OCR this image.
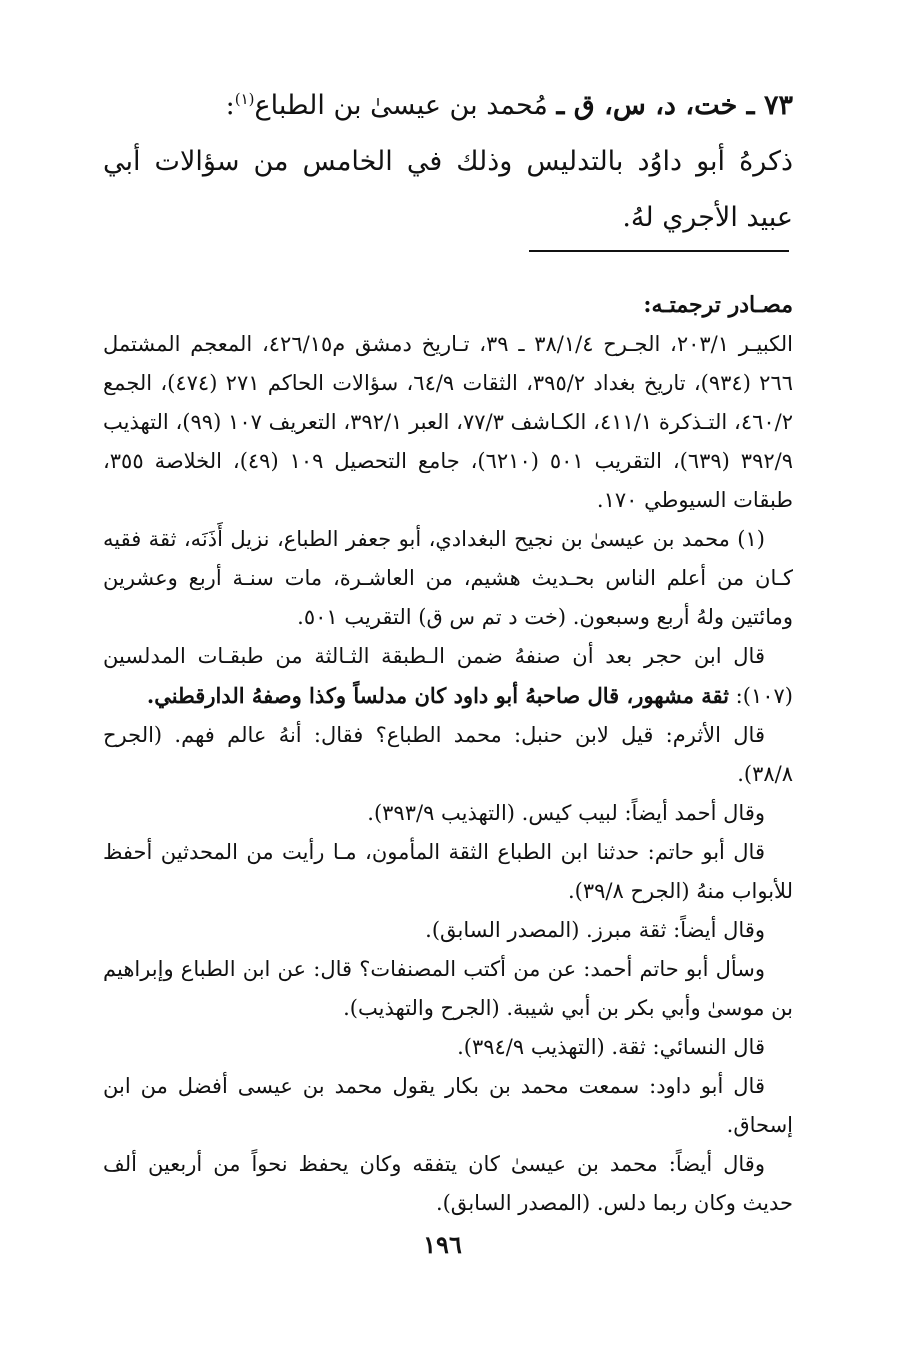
٧٣ ـ خت، د، س، ق ـ مُحمد بن عيسىٰ بن الطباع$^{(١)}$:

ذكرهُ أبو داوُد بالتدليس وذلك في الخامس من سؤالات أبي عبيد الأجري لهُ.

مصـادر ترجمتـه:

الكبيـر ٢٠٣/١، الجـرح ٣٨/١/٤ ـ ٣٩، تـاريخ دمشق م٤٢٦/١٥، المعجم المشتمل ٢٦٦ (٩٣٤)، تاريخ بغداد ٣٩٥/٢، الثقات ٦٤/٩، سؤالات الحاكم ٢٧١ (٤٧٤)، الجمع ٤٦٠/٢، التـذكرة ٤١١/١، الكـاشف ٧٧/٣، العبر ٣٩٢/١، التعريف ١٠٧ (٩٩)، التهذيب ٣٩٢/٩ (٦٣٩)، التقريب ٥٠١ (٦٢١٠)، جامع التحصيل ١٠٩ (٤٩)، الخلاصة ٣٥٥، طبقات السيوطي ١٧٠.

(١) محمد بن عيسىٰ بن نجيح البغدادي، أبو جعفر الطباع، نزيل أَذَنَه، ثقة فقيه كـان من أعلم الناس بحـديث هشيم، من العاشـرة، مات سنـة أربع وعشرين ومائتين ولهُ أربع وسبعون. (خت د تم س ق) التقريب ٥٠١.

قال ابن حجر بعد أن صنفهُ ضمن الـطبقة الثـالثة من طبقـات المدلسين (١٠٧): ثقة مشهور، قال صاحبهُ أبو داود كان مدلساً وكذا وصفهُ الدارقطني.

قال الأثرم: قيل لابن حنبل: محمد الطباع؟ فقال: أنهُ عالم فهم. (الجرح ٣٨/٨).

وقال أحمد أيضاً: لبيب كيس. (التهذيب ٣٩٣/٩).

قال أبو حاتم: حدثنا ابن الطباع الثقة المأمون، مـا رأيت من المحدثين أحفظ للأبواب منهُ (الجرح ٣٩/٨).

وقال أيضاً: ثقة مبرز. (المصدر السابق).

وسأل أبو حاتم أحمد: عن من أكتب المصنفات؟ قال: عن ابن الطباع وإبراهيم بن موسىٰ وأبي بكر بن أبي شيبة. (الجرح والتهذيب).

قال النسائي: ثقة. (التهذيب ٣٩٤/٩).

قال أبو داود: سمعت محمد بن بكار يقول محمد بن عيسى أفضل من ابن إسحاق.

وقال أيضاً: محمد بن عيسىٰ كان يتفقه وكان يحفظ نحواً من أربعين ألف حديث وكان ربما دلس. (المصدر السابق).

١٩٦
